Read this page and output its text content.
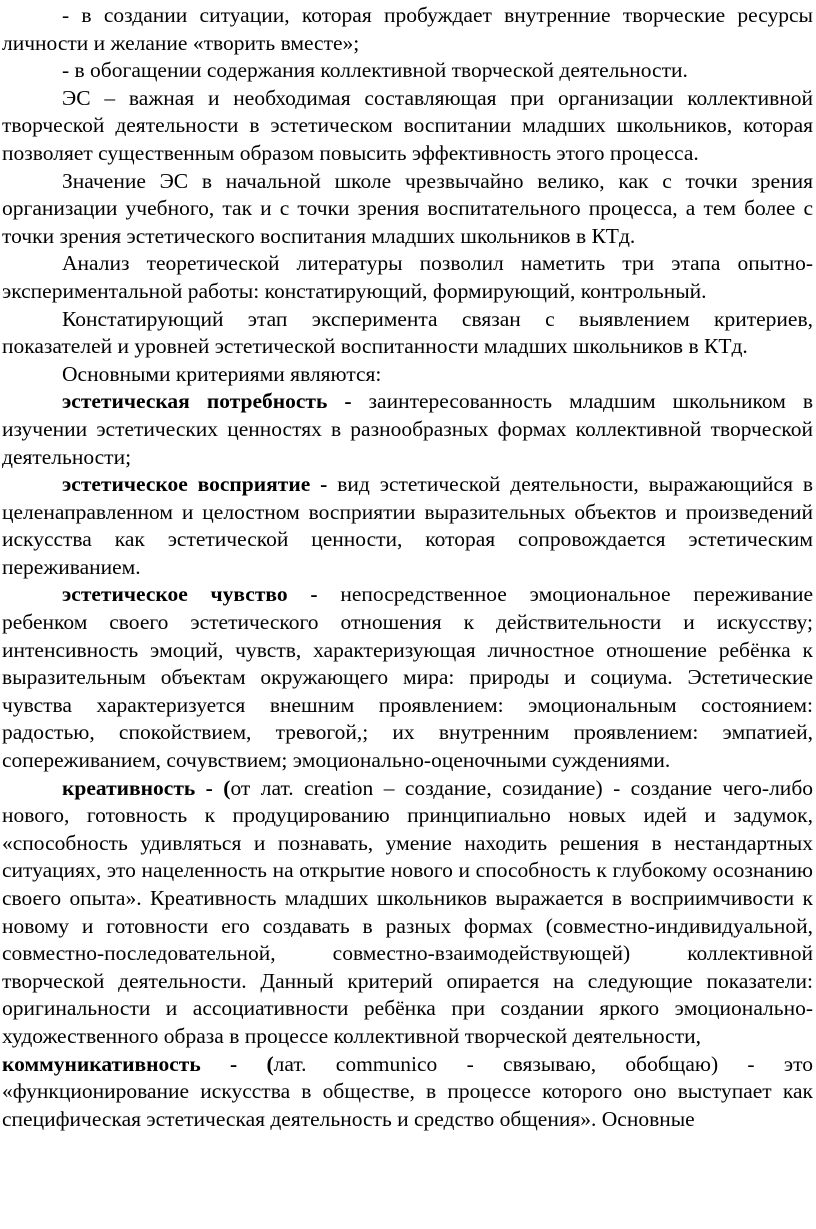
- в создании ситуации, которая пробуждает внутренние творческие ресурсы личности и желание «творить вместе»;

- в обогащении содержания коллективной творческой деятельности.

ЭС – важная и необходимая составляющая при организации коллективной творческой деятельности в эстетическом воспитании младших школьников, которая позволяет существенным образом повысить эффективность этого процесса.

Значение ЭС в начальной школе чрезвычайно велико, как с точки зрения организации учебного, так и с точки зрения воспитательного процесса, а тем более с точки зрения эстетического воспитания младших школьников в КТд.

Анализ теоретической литературы позволил наметить три этапа опытно-экспериментальной работы: констатирующий, формирующий, контрольный.

Констатирующий этап эксперимента связан с выявлением критериев, показателей и уровней эстетической воспитанности младших школьников в КТд.

Основными критериями являются:

эстетическая потребность - заинтересованность младшим школьником в изучении эстетических ценностях в разнообразных формах коллективной творческой деятельности;

эстетическое восприятие - вид эстетической деятельности, выражающийся в целенаправленном и целостном восприятии выразительных объектов и произведений искусства как эстетической ценности, которая сопровождается эстетическим переживанием.

эстетическое чувство - непосредственное эмоциональное переживание ребенком своего эстетического отношения к действительности и искусству; интенсивность эмоций, чувств, характеризующая личностное отношение ребёнка к выразительным объектам окружающего мира: природы и социума. Эстетические чувства характеризуется внешним проявлением: эмоциональным состоянием: радостью, спокойствием, тревогой,; их внутренним проявлением: эмпатией, сопереживанием, сочувствием; эмоционально-оценочными суждениями.

креативность - (от лат. creation – создание, созидание) - создание чего-либо нового, готовность к продуцированию принципиально новых идей и задумок, «способность удивляться и познавать, умение находить решения в нестандартных ситуациях, это нацеленность на открытие нового и способность к глубокому осознанию своего опыта». Креативность младших школьников выражается в восприимчивости к новому и готовности его создавать в разных формах (совместно-индивидуальной, совместно-последовательной, совместно-взаимодействующей) коллективной творческой деятельности. Данный критерий опирается на следующие показатели: оригинальности и ассоциативности ребёнка при создании яркого эмоционально-художественного образа в процессе коллективной творческой деятельности,

коммуникативность - (лат. communico - связываю, обобщаю) - это «функционирование искусства в обществе, в процессе которого оно выступает как специфическая эстетическая деятельность и средство общения». Основные
